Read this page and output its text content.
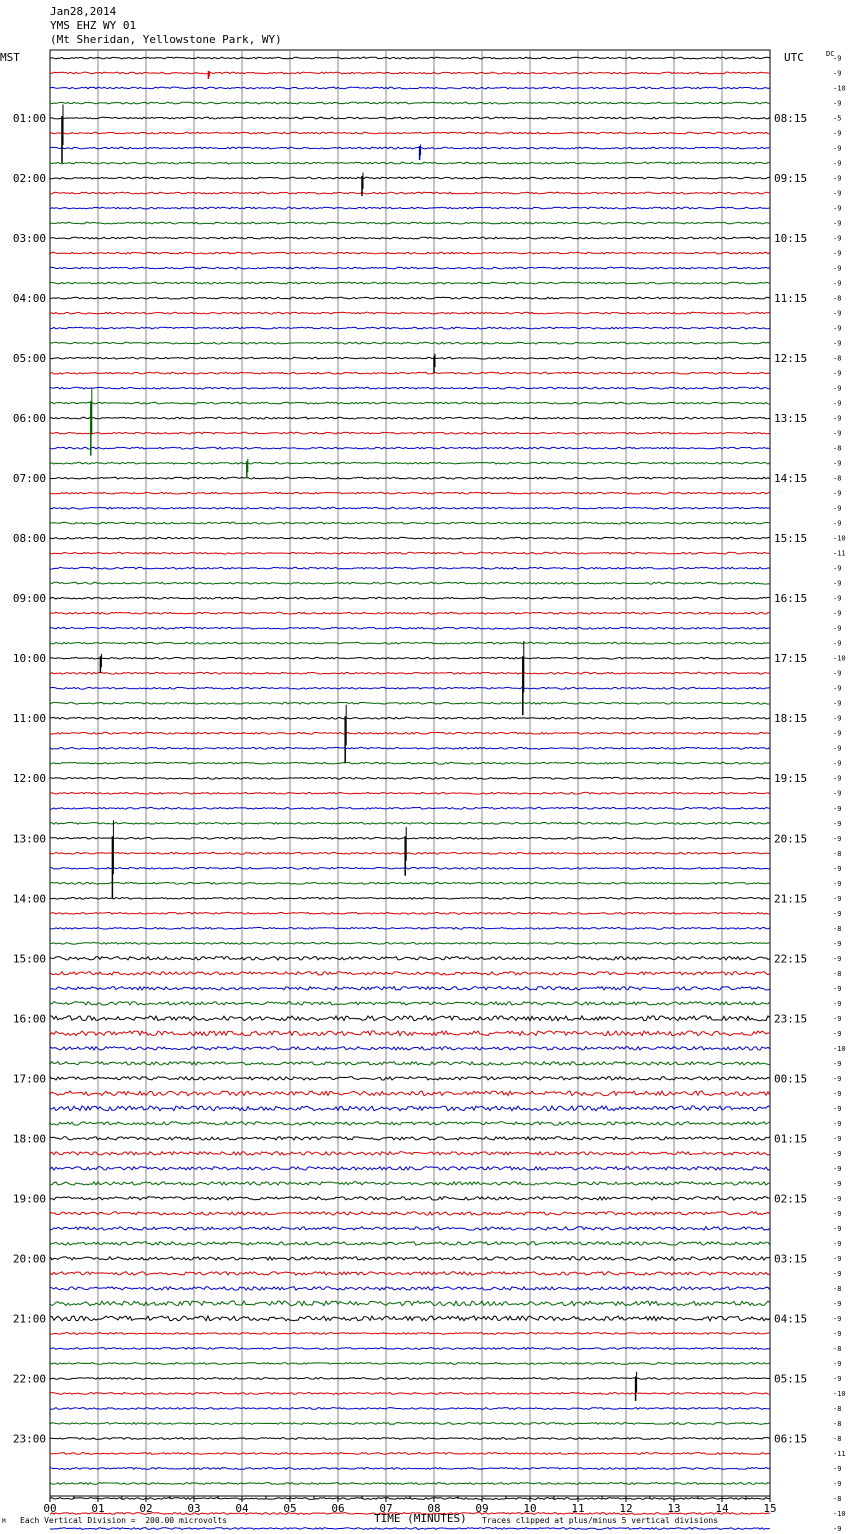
Jan28,2014
YMS EHZ WY 01
(Mt Sheridan, Yellowstone Park, WY)
MST	UTC	DC
00	01	02	03	04	05	06	07	08	09	10	11	12	13	14	15
01:00
02:00
03:00
04:00
05:00
06:00
07:00
08:00
09:00
10:00
11:00
12:00
13:00
14:00
15:00
16:00
17:00
18:00
19:00
20:00
21:00
22:00
23:00
08:15
09:15
10:15
11:15
12:15
13:15
14:15
15:15
16:15
17:15
18:15
19:15
20:15
21:15
22:15
23:15
00:15
01:15
02:15
03:15
04:15
05:15
06:15
-9
-9
-10
-9
-5
-9
-9
-9
-9
-9
-9
-9
-9
-9
-9
-9
-8
-9
-9
-9
-8
-9
-9
-9
-9
-9
-8
-9
-8
-9
-9
-9
-10
-11
-9
-9
-9
-9
-9
-9
-10
-9
-9
-9
-9
-9
-9
-9
-9
-9
-9
-9
-9
-8
-9
-9
-9
-9
-8
-9
-9
-8
-9
-9
-9
-9
-10
-9
-9
-9
-9
-9
-9
-9
-9
-9
-9
-9
-9
-9
-9
-9
-8
-9
-9
-9
-8
-9
-9
-10
-8
-8
-8
-11
-9
-9
-8
-10
-9
TIME (MINUTES)
Each Vertical Division =  200.00 microvolts	Traces clipped at plus/minus 5 vertical divisions
M
